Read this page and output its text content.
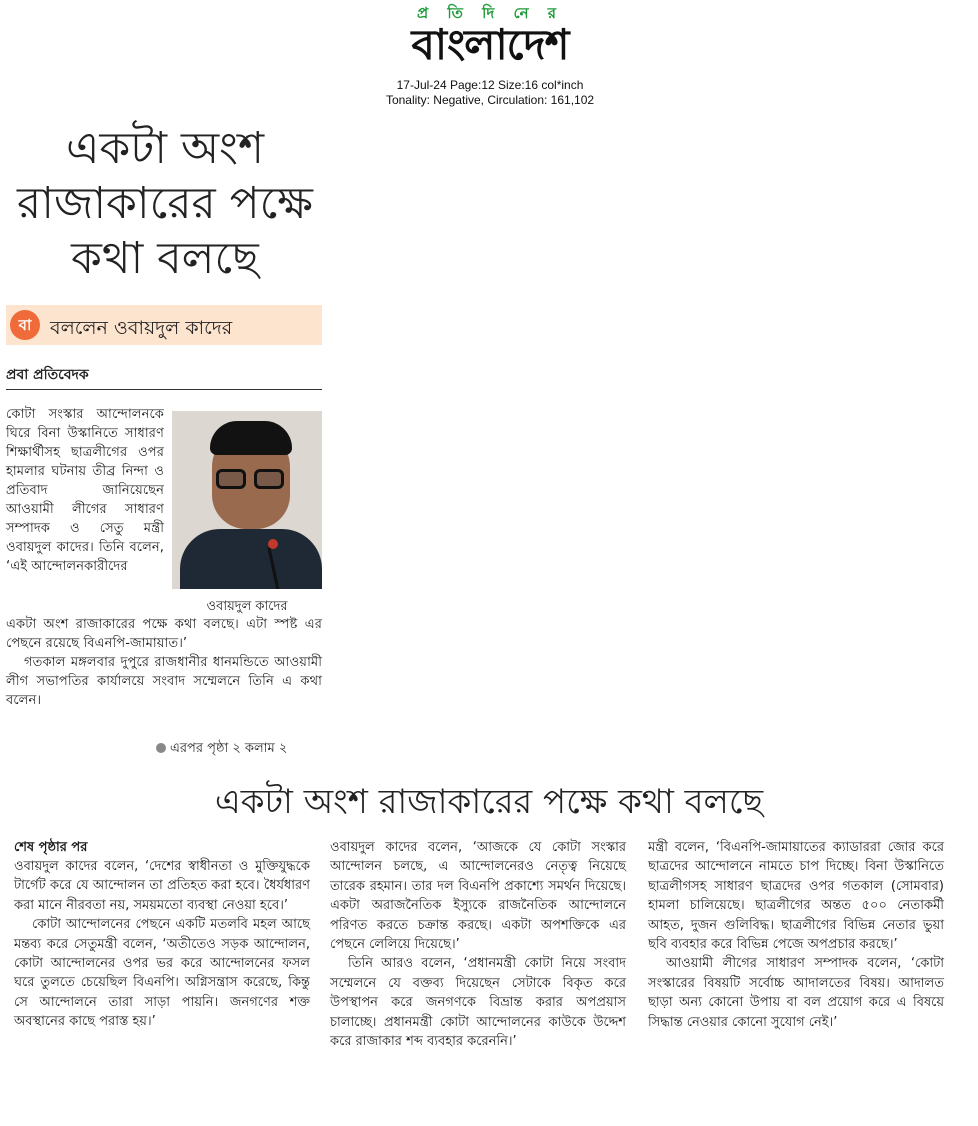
প্র তি দি নে র
বাংলাদেশ
17-Jul-24 Page:12 Size:16 col*inch
Tonality: Negative, Circulation: 161,102
একটা অংশ
রাজাকারের পক্ষে
কথা বলছে
বা বললেন ওবায়দুল কাদের
প্রবা প্রতিবেদক

কোটা সংস্কার আন্দোলনকে ঘিরে বিনা উস্কানিতে সাধারণ শিক্ষার্থীসহ ছাত্রলীগের ওপর হামলার ঘটনায় তীব্র নিন্দা ও প্রতিবাদ জানিয়েছেন আওয়ামী লীগের সাধারণ সম্পাদক ও সেতু মন্ত্রী ওবায়দুল কাদের। তিনি বলেন, ‘এই আন্দোলনকারীদের

ওবায়দুল কাদের

একটা অংশ রাজাকারের পক্ষে কথা বলছে। এটা স্পষ্ট এর পেছনে রয়েছে বিএনপি-জামায়াত।’

গতকাল মঙ্গলবার দুপুরে রাজধানীর ধানমন্ডিতে আওয়ামী লীগ সভাপতির কার্যালয়ে সংবাদ সম্মেলনে তিনি এ কথা বলেন।

এরপর পৃষ্ঠা ২ কলাম ২
একটা অংশ রাজাকারের পক্ষে কথা বলছে
শেষ পৃষ্ঠার পর

ওবায়দুল কাদের বলেন, ‘দেশের স্বাধীনতা ও মুক্তিযুদ্ধকে টার্গেট করে যে আন্দোলন তা প্রতিহত করা হবে। ধৈর্যধারণ করা মানে নীরবতা নয়, সময়মতো ব্যবস্থা নেওয়া হবে।’

কোটা আন্দোলনের পেছনে একটি মতলবি মহল আছে মন্তব্য করে সেতুমন্ত্রী বলেন, ‘অতীতেও সড়ক আন্দোলন, কোটা আন্দোলনের ওপর ভর করে আন্দোলনের ফসল ঘরে তুলতে চেয়েছিল বিএনপি। অগ্নিসন্ত্রাস করেছে, কিন্তু সে আন্দোলনে তারা সাড়া পায়নি। জনগণের শক্ত অবস্থানের কাছে পরাস্ত হয়।’

ওবায়দুল কাদের বলেন, ‘আজকে যে কোটা সংস্কার আন্দোলন চলছে, এ আন্দোলনেরও নেতৃত্ব নিয়েছে তারেক রহমান। তার দল বিএনপি প্রকাশ্যে সমর্থন দিয়েছে। একটা অরাজনৈতিক ইস্যুকে রাজনৈতিক আন্দোলনে পরিণত করতে চক্রান্ত করছে। একটা অপশক্তিকে এর পেছনে লেলিয়ে দিয়েছে।’

তিনি আরও বলেন, ‘প্রধানমন্ত্রী কোটা নিয়ে সংবাদ সম্মেলনে যে বক্তব্য দিয়েছেন সেটাকে বিকৃত করে উপস্থাপন করে জনগণকে বিভ্রান্ত করার অপপ্রয়াস চালাচ্ছে। প্রধানমন্ত্রী কোটা আন্দোলনের কাউকে উদ্দেশ করে রাজাকার শব্দ ব্যবহার করেননি।’

মন্ত্রী বলেন, ‘বিএনপি-জামায়াতের ক্যাডাররা জোর করে ছাত্রদের আন্দোলনে নামতে চাপ দিচ্ছে। বিনা উস্কানিতে ছাত্রলীগসহ সাধারণ ছাত্রদের ওপর গতকাল (সোমবার) হামলা চালিয়েছে। ছাত্রলীগের অন্তত ৫০০ নেতাকর্মী আহত, দুজন গুলিবিদ্ধ। ছাত্রলীগের বিভিন্ন নেতার ভুয়া ছবি ব্যবহার করে বিভিন্ন পেজে অপপ্রচার করছে।’

আওয়ামী লীগের সাধারণ সম্পাদক বলেন, ‘কোটা সংস্কারের বিষয়টি সর্বোচ্চ আদালতের বিষয়। আদালত ছাড়া অন্য কোনো উপায় বা বল প্রয়োগ করে এ বিষয়ে সিদ্ধান্ত নেওয়ার কোনো সুযোগ নেই।’
